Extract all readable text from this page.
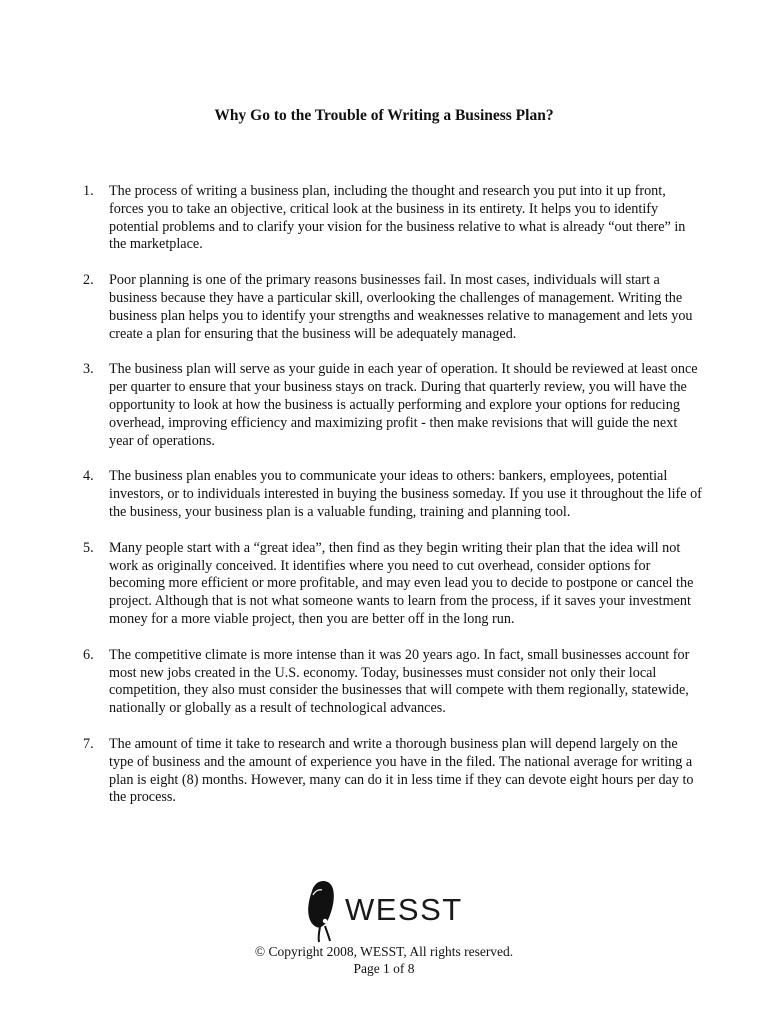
Why Go to the Trouble of Writing a Business Plan?
1. The process of writing a business plan, including the thought and research you put into it up front, forces you to take an objective, critical look at the business in its entirety. It helps you to identify potential problems and to clarify your vision for the business relative to what is already “out there” in the marketplace.
2. Poor planning is one of the primary reasons businesses fail. In most cases, individuals will start a business because they have a particular skill, overlooking the challenges of management. Writing the business plan helps you to identify your strengths and weaknesses relative to management and lets you create a plan for ensuring that the business will be adequately managed.
3. The business plan will serve as your guide in each year of operation. It should be reviewed at least once per quarter to ensure that your business stays on track. During that quarterly review, you will have the opportunity to look at how the business is actually performing and explore your options for reducing overhead, improving efficiency and maximizing profit - then make revisions that will guide the next year of operations.
4. The business plan enables you to communicate your ideas to others: bankers, employees, potential investors, or to individuals interested in buying the business someday. If you use it throughout the life of the business, your business plan is a valuable funding, training and planning tool.
5. Many people start with a “great idea”, then find as they begin writing their plan that the idea will not work as originally conceived. It identifies where you need to cut overhead, consider options for becoming more efficient or more profitable, and may even lead you to decide to postpone or cancel the project. Although that is not what someone wants to learn from the process, if it saves your investment money for a more viable project, then you are better off in the long run.
6. The competitive climate is more intense than it was 20 years ago. In fact, small businesses account for most new jobs created in the U.S. economy. Today, businesses must consider not only their local competition, they also must consider the businesses that will compete with them regionally, statewide, nationally or globally as a result of technological advances.
7. The amount of time it take to research and write a thorough business plan will depend largely on the type of business and the amount of experience you have in the filed. The national average for writing a plan is eight (8) months. However, many can do it in less time if they can devote eight hours per day to the process.
WESST
© Copyright 2008, WESST, All rights reserved.
Page 1 of 8
